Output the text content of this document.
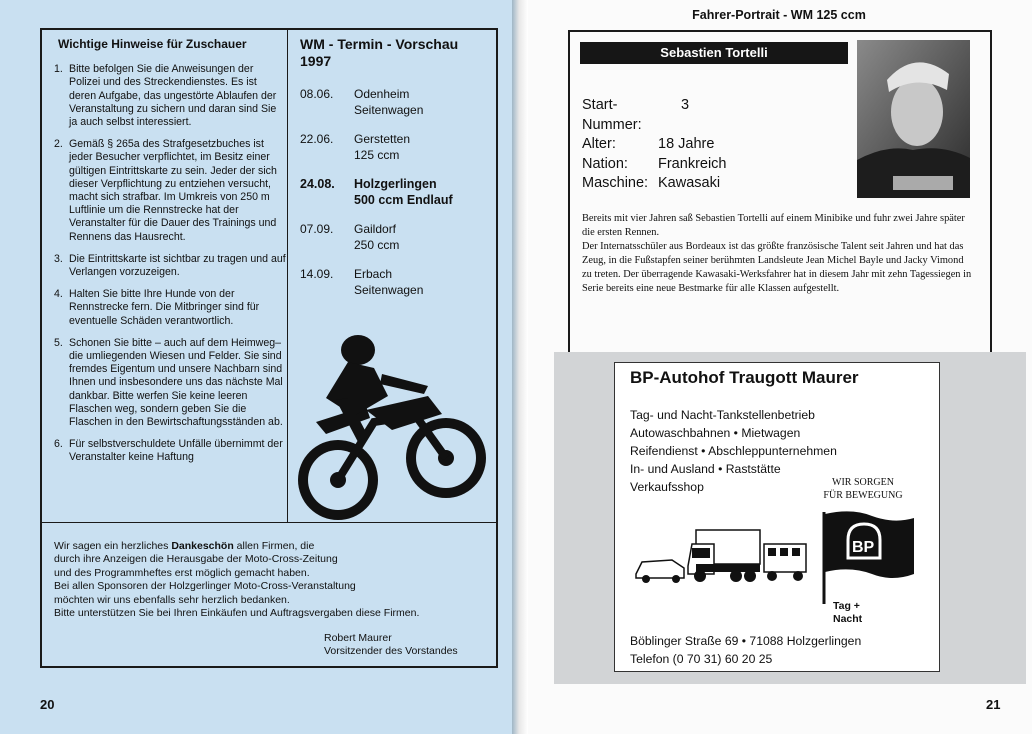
Wichtige Hinweise für Zuschauer
1. Bitte befolgen Sie die Anweisungen der Polizei und des Streckendienstes. Es ist deren Aufgabe, das ungestörte Ablaufen der Veranstaltung zu sichern und daran sind Sie ja auch selbst interessiert.
2. Gemäß § 265a des Strafgesetzbuches ist jeder Besucher verpflichtet, im Besitz einer gültigen Eintrittskarte zu sein. Jeder der sich dieser Verpflichtung zu entziehen versucht, macht sich strafbar. Im Umkreis von 250 m Luftlinie um die Rennstrecke hat der Veranstalter für die Dauer des Trainings und Rennens das Hausrecht.
3. Die Eintrittskarte ist sichtbar zu tragen und auf Verlangen vorzuzeigen.
4. Halten Sie bitte Ihre Hunde von der Rennstrecke fern. Die Mitbringer sind für eventuelle Schäden verantwortlich.
5. Schonen Sie bitte – auch auf dem Heimweg– die umliegenden Wiesen und Felder. Sie sind fremdes Eigentum und unsere Nachbarn sind Ihnen und insbesondere uns das nächste Mal dankbar. Bitte werfen Sie keine leeren Flaschen weg, sondern geben Sie die Flaschen in den Bewirtschaftungsständen ab.
6. Für selbstverschuldete Unfälle übernimmt der Veranstalter keine Haftung
WM - Termin - Vorschau 1997
08.06.	Odenheim
Seitenwagen
22.06.	Gerstetten
125 ccm
24.08.	Holzgerlingen
500 ccm Endlauf
07.09.	Gaildorf
250 ccm
14.09.	Erbach
Seitenwagen

Wir sagen ein herzliches Dankeschön allen Firmen, die

durch ihre Anzeigen die Herausgabe der Moto-Cross-Zeitung

und des Programmheftes erst möglich gemacht haben.

Bei allen Sponsoren der Holzgerlinger Moto-Cross-Veranstaltung

möchten wir uns ebenfalls sehr herzlich bedanken.

Bitte unterstützen Sie bei Ihren Einkäufen und Auftragsvergaben diese Firmen.

Robert Maurer
Vorsitzender des Vorstandes
20
Fahrer-Portrait - WM 125 ccm
Sebastien Tortelli
Start-Nummer:
3
Alter:	18 Jahre
Nation:	Frankreich
Maschine: Kawasaki

Bereits mit vier Jahren saß Sebastien Tortelli auf einem Minibike und fuhr zwei Jahre später die ersten Rennen.

Der Internatsschüler aus Bordeaux ist das größte französische Talent seit Jahren und hat das Zeug, in die Fußstapfen seiner berühmten Landsleute Jean Michel Bayle und Jacky Vimond zu treten. Der überragende Kawasaki-Werksfahrer hat in diesem Jahr mit zehn Tagessiegen in Serie bereits eine neue Bestmarke für alle Klassen aufgestellt.

BP-Autohof Traugott Maurer

Tag- und Nacht-Tankstellenbetrieb

Autowaschbahnen • Mietwagen

Reifendienst • Abschleppunternehmen

In- und Ausland • Raststätte

Verkaufsshop	WIR SORGEN
FÜR BEWEGUNG
BP
Tag +
Nacht

Böblinger Straße 69 • 71088 Holzgerlingen

Telefon (0 70 31) 60 20 25

21
